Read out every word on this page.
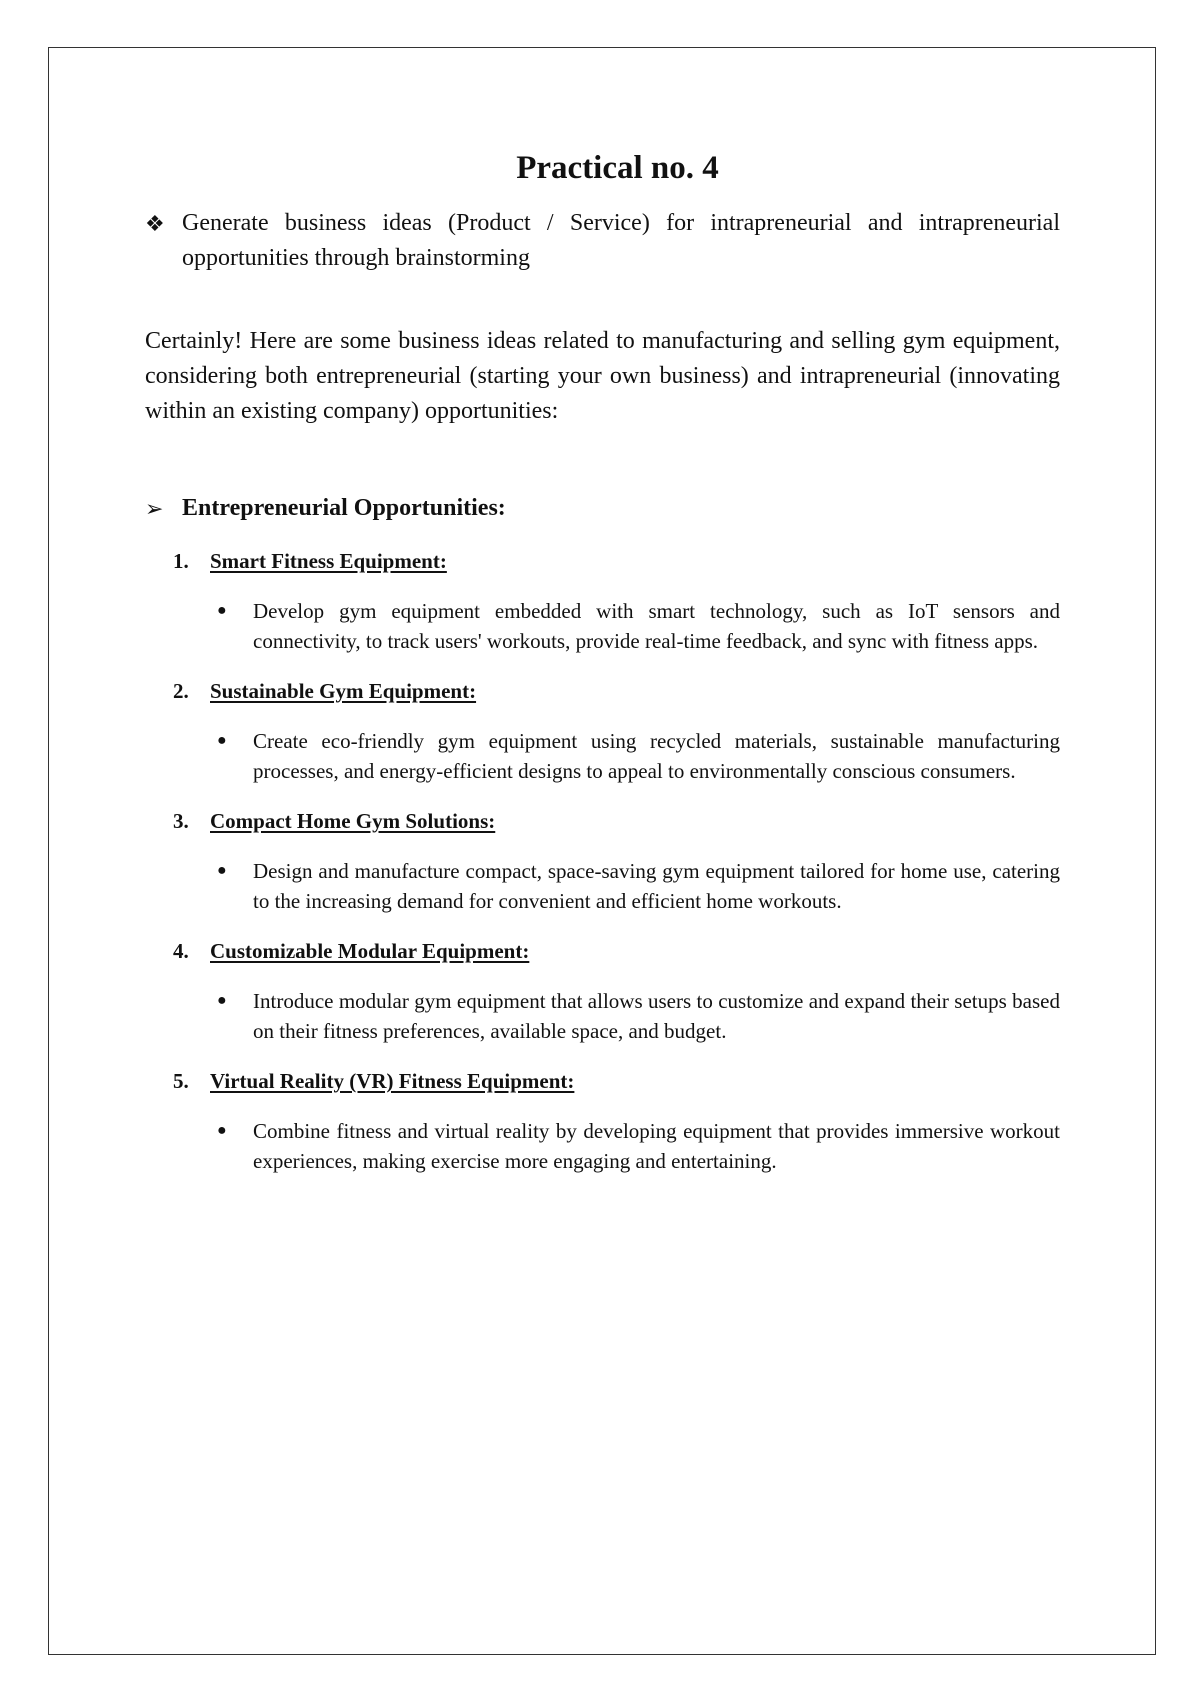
Practical no. 4
❖ Generate business ideas (Product / Service) for intrapreneurial and intrapreneurial opportunities through brainstorming

Certainly! Here are some business ideas related to manufacturing and selling gym equipment, considering both entrepreneurial (starting your own business) and intrapreneurial (innovating within an existing company) opportunities:

➢ Entrepreneurial Opportunities:
1.	Smart Fitness Equipment:
●	Develop gym equipment embedded with smart technology, such as IoT sensors and connectivity, to track users' workouts, provide real-time feedback, and sync with fitness apps.
2.	Sustainable Gym Equipment:
●	Create eco-friendly gym equipment using recycled materials, sustainable manufacturing processes, and energy-efficient designs to appeal to environmentally conscious consumers.
3.	Compact Home Gym Solutions:
●	Design and manufacture compact, space-saving gym equipment tailored for home use, catering to the increasing demand for convenient and efficient home workouts.
4.	Customizable Modular Equipment:
●	Introduce modular gym equipment that allows users to customize and expand their setups based on their fitness preferences, available space, and budget.
5.	Virtual Reality (VR) Fitness Equipment:
●	Combine fitness and virtual reality by developing equipment that provides immersive workout experiences, making exercise more engaging and entertaining.
